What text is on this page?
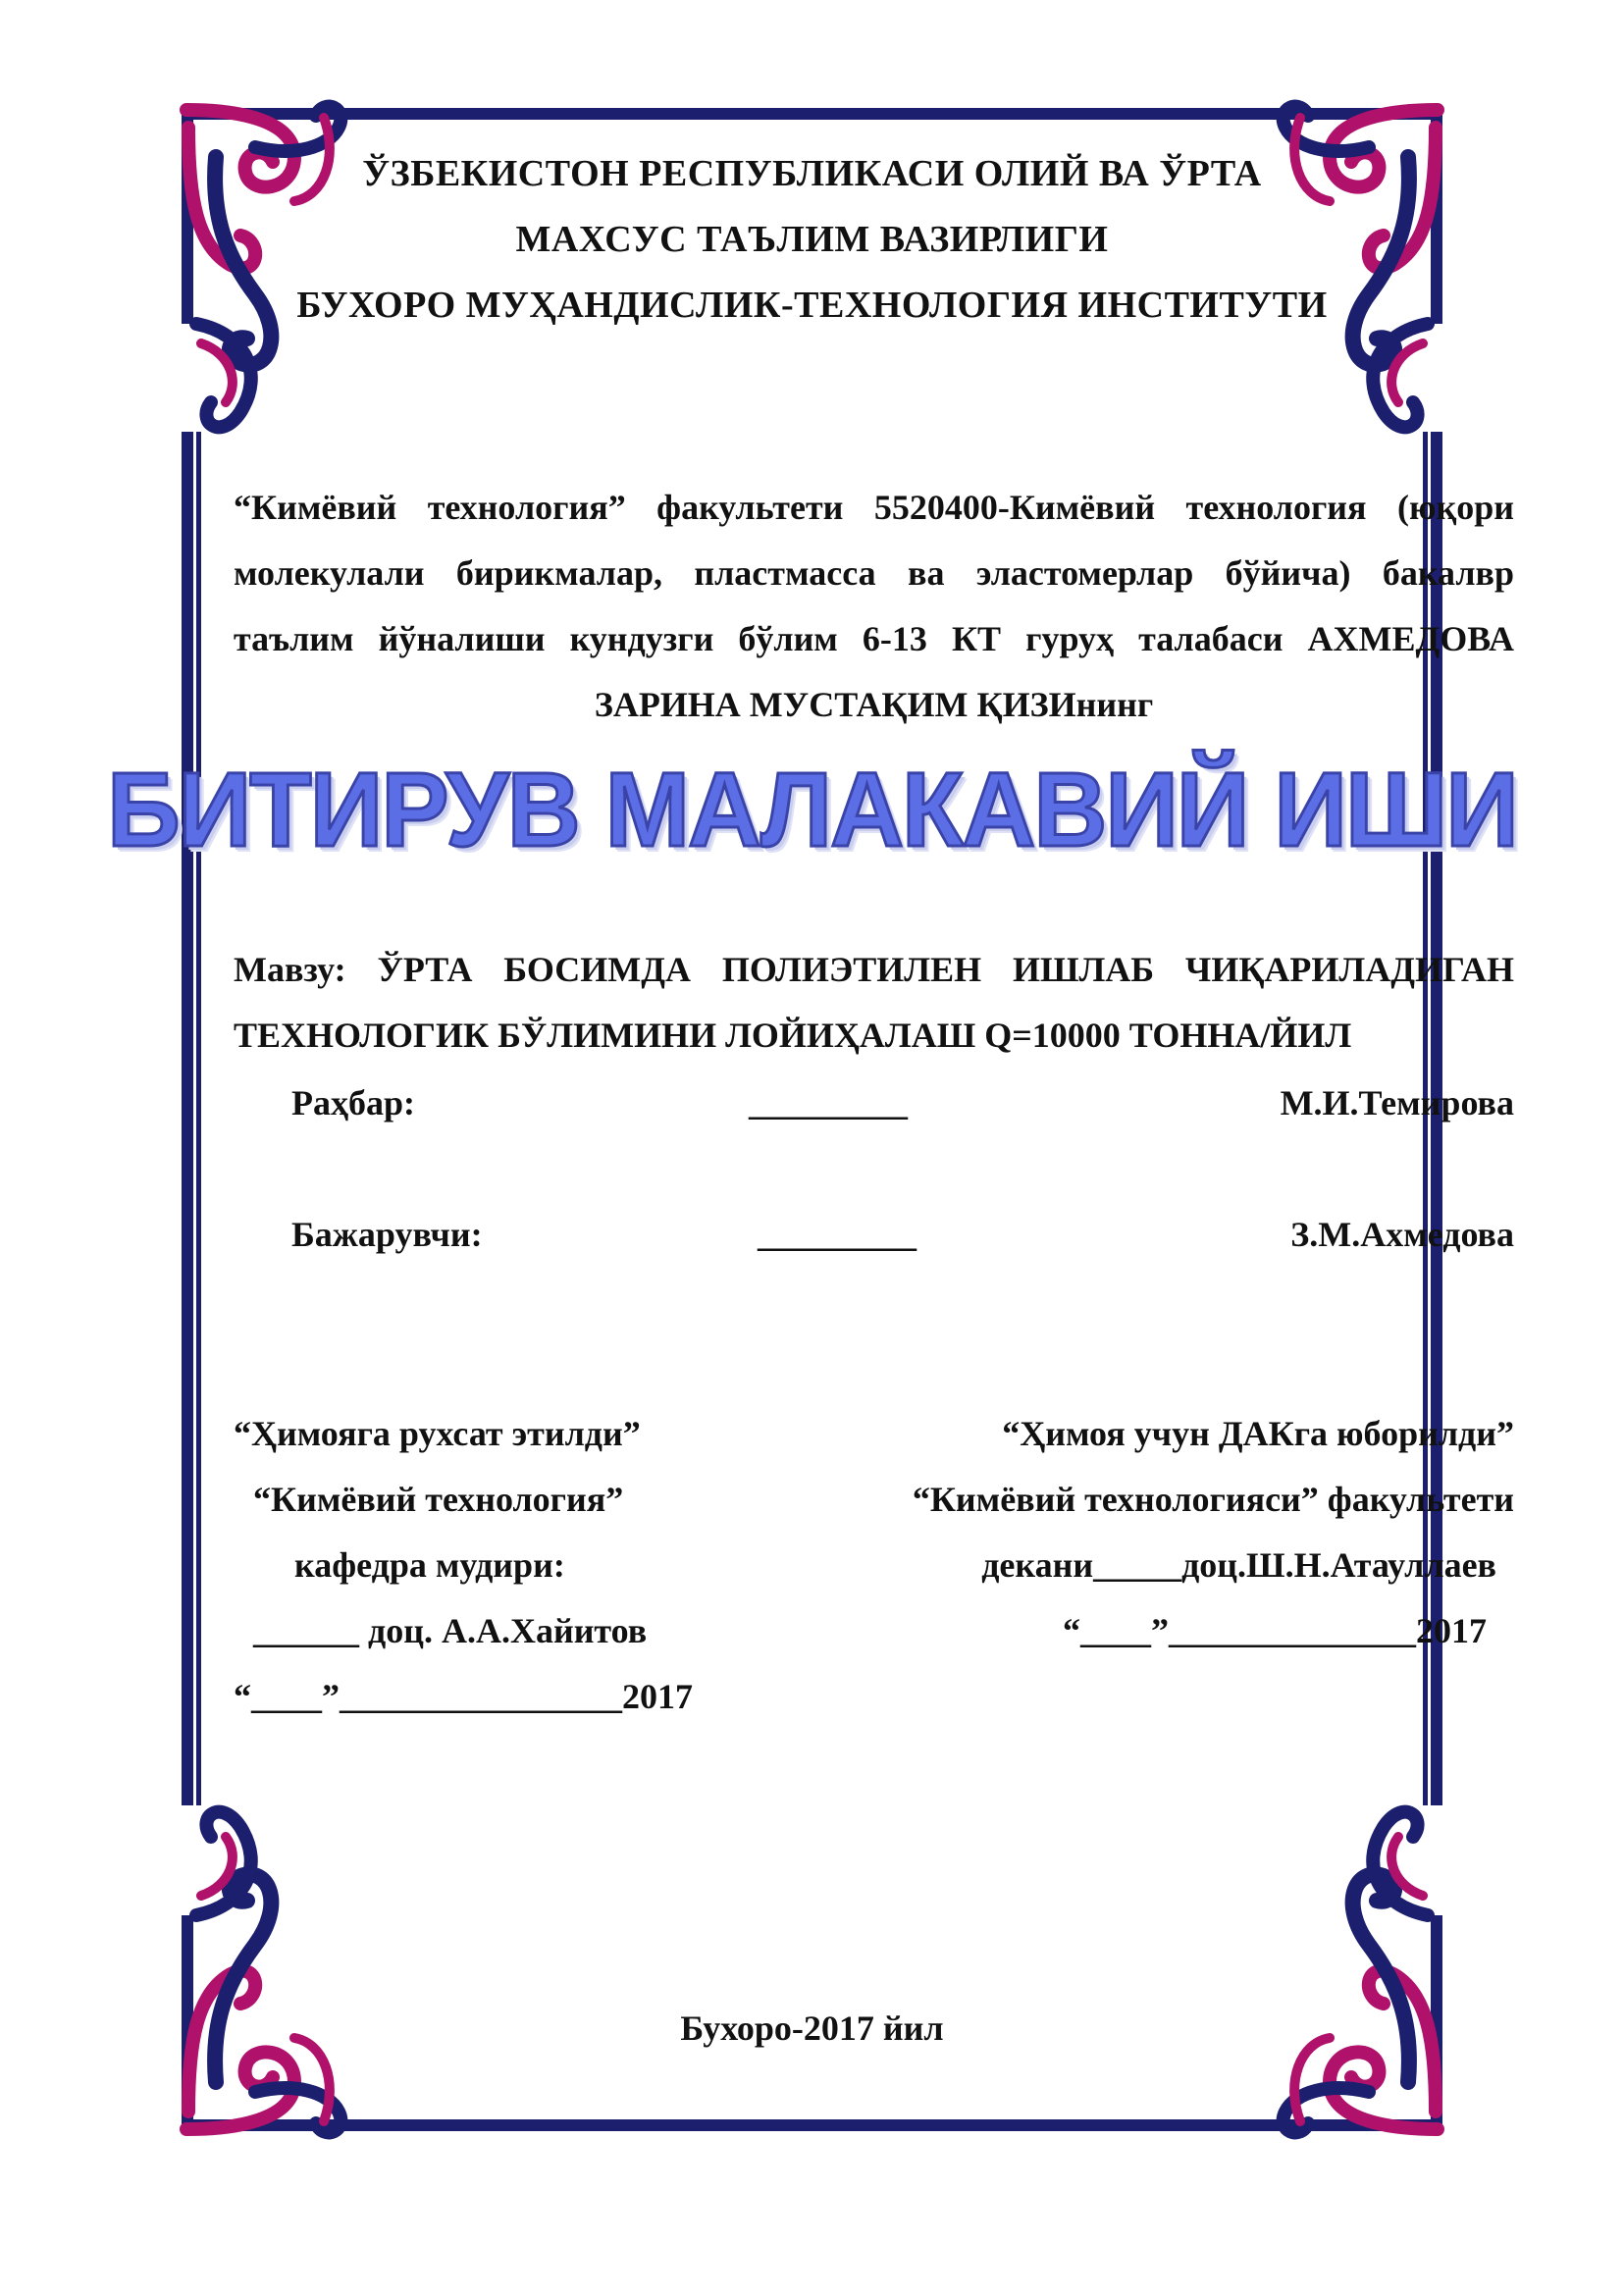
ЎЗБЕКИСТОН РЕСПУБЛИКАСИ ОЛИЙ ВА ЎРТА
МАХСУС ТАЪЛИМ ВАЗИРЛИГИ
БУХОРО МУҲАНДИСЛИК-ТЕХНОЛОГИЯ ИНСТИТУТИ
“Кимёвий технология” факультети 5520400-Кимёвий технология (юқори
молекулали бирикмалар, пластмасса ва эластомерлар бўйича) бакалвр
таълим йўналиши кундузги бўлим 6-13 КТ гуруҳ талабаси АХМЕДОВА
ЗАРИНА МУСТАҚИМ ҚИЗИнинг
БИТИРУВ МАЛАКАВИЙ ИШИ
Мавзу: ЎРТА БОСИМДА ПОЛИЭТИЛЕН ИШЛАБ ЧИҚАРИЛАДИГАН
ТЕХНОЛОГИК БЎЛИМИНИ ЛОЙИҲАЛАШ Q=10000 ТОННА/ЙИЛ
Раҳбар:	_________	М.И.Темирова
Бажарувчи:	_________	З.М.Ахмедова
“Ҳимояга рухсат этилди”
“Кимёвий технология”
кафедра мудири:
______ доц. А.А.Хайитов
“____”________________2017
“Ҳимоя учун ДАКга юборилди”
“Кимёвий технологияси” факультети
декани_____доц.Ш.Н.Атауллаев
“____”______________2017
Бухоро-2017 йил
